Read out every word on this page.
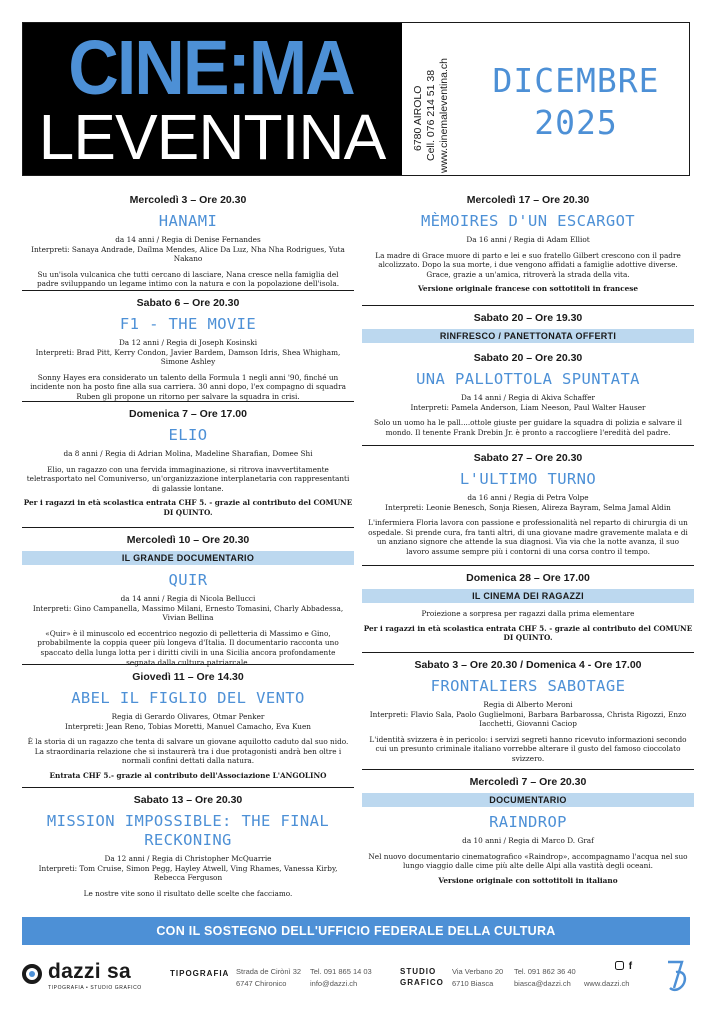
CINE:MA
LEVENTINA	6780 AIROLO Cell. 076 214 51 38 www.cinemaleventina.ch	DICEMBRE
2025
Mercoledì 3 – Ore 20.30
HANAMI
da 14 anni / Regia di Denise Fernandes
Interpreti: Sanaya Andrade, Daílma Mendes, Alice Da Luz, Nha Nha Rodrigues, Yuta Nakano
Su un'isola vulcanica che tutti cercano di lasciare, Nana cresce nella famiglia del padre sviluppando un legame intimo con la natura e con la popolazione dell'isola.
Sabato 6 – Ore 20.30
F1 - THE MOVIE
Da 12 anni / Regia di Joseph Kosinski
Interpreti: Brad Pitt, Kerry Condon, Javier Bardem, Damson Idris, Shea Whigham, Simone Ashley
Sonny Hayes era considerato un talento della Formula 1 negli anni '90, finché un incidente non ha posto fine alla sua carriera. 30 anni dopo, l'ex compagno di squadra Ruben gli propone un ritorno per salvare la squadra in crisi.
Domenica 7 – Ore 17.00
ELIO
da 8 anni / Regia di Adrian Molina, Madeline Sharafian, Domee Shi
Elio, un ragazzo con una fervida immaginazione, si ritrova inavvertitamente teletrasportato nel Comuniverso, un'organizzazione interplanetaria con rappresentanti di galassie lontane.
Per i ragazzi in età scolastica entrata CHF 5. - grazie al contributo del COMUNE DI QUINTO.
Mercoledì 10 – Ore 20.30
IL GRANDE DOCUMENTARIO
QUIR
da 14 anni / Regia di Nicola Bellucci
Interpreti: Gino Campanella, Massimo Milani, Ernesto Tomasini, Charly Abbadessa, Vivian Bellina
«Quir» è il minuscolo ed eccentrico negozio di pelletteria di Massimo e Gino, probabilmente la coppia queer più longeva d'Italia. Il documentario racconta uno spaccato della lunga lotta per i diritti civili in una Sicilia ancora profondamente segnata dalla cultura patriarcale.
Giovedì 11 – Ore 14.30
ABEL IL FIGLIO DEL VENTO
Regia di Gerardo Olivares, Otmar Penker
Interpreti: Jean Reno, Tobias Moretti, Manuel Camacho, Eva Kuen
È la storia di un ragazzo che tenta di salvare un giovane aquilotto caduto dal suo nido. La straordinaria relazione che si instaurerà tra i due protagonisti andrà ben oltre i normali confini dettati dalla natura.
Entrata CHF 5.- grazie al contributo dell'Associazione L'ANGOLINO
Sabato 13 – Ore 20.30
MISSION IMPOSSIBLE: THE FINAL RECKONING
Da 12 anni / Regia di Christopher McQuarrie
Interpreti: Tom Cruise, Simon Pegg, Hayley Atwell, Ving Rhames, Vanessa Kirby, Rebecca Ferguson
Le nostre vite sono il risultato delle scelte che facciamo.
Mercoledì 17 – Ore 20.30
MÈMOIRES D'UN ESCARGOT
Da 16 anni / Regia di Adam Elliot
La madre di Grace muore di parto e lei e suo fratello Gilbert crescono con il padre alcolizzato. Dopo la sua morte, i due vengono affidati a famiglie adottive diverse. Grace, grazie a un'amica, ritroverà la strada della vita.
Versione originale francese con sottotitoli in francese
Sabato 20 – Ore 19.30
RINFRESCO / PANETTONATA OFFERTI
Sabato 20 – Ore 20.30
UNA PALLOTTOLA SPUNTATA
Da 14 anni / Regia di Akiva Schaffer
Interpreti: Pamela Anderson, Liam Neeson, Paul Walter Hauser
Solo un uomo ha le pall....ottole giuste per guidare la squadra di polizia e salvare il mondo. Il tenente Frank Drebin Jr. è pronto a raccogliere l'eredità del padre.
Sabato 27 – Ore 20.30
L'ULTIMO TURNO
da 16 anni / Regia di Petra Volpe
Interpreti: Leonie Benesch, Sonja Riesen, Alireza Bayram, Selma Jamal Aldin
L'infermiera Floria lavora con passione e professionalità nel reparto di chirurgia di un ospedale. Si prende cura, fra tanti altri, di una giovane madre gravemente malata e di un anziano signore che attende la sua diagnosi. Via via che la notte avanza, il suo lavoro assume sempre più i contorni di una corsa contro il tempo.
Domenica 28 – Ore 17.00
IL CINEMA DEI RAGAZZI
Proiezione a sorpresa per ragazzi dalla prima elementare
Per i ragazzi in età scolastica entrata CHF 5. - grazie al contributo del COMUNE DI QUINTO.
Sabato 3 – Ore 20.30 / Domenica 4 - Ore 17.00
FRONTALIERS SABOTAGE
Regia di Alberto Meroni
Interpreti: Flavio Sala, Paolo Guglielmoni, Barbara Barbarossa, Christa Rigozzi, Enzo Iacchetti, Giovanni Caciop
L'identità svizzera è in pericolo: i servizi segreti hanno ricevuto informazioni secondo cui un presunto criminale italiano vorrebbe alterare il gusto del famoso cioccolato svizzero.
Mercoledì 7 – Ore 20.30
DOCUMENTARIO
RAINDROP
da 10 anni / Regia di Marco D. Graf
Nel nuovo documentario cinematografico «Raindrop», accompagnamo l'acqua nel suo lungo viaggio dalle cime più alte delle Alpi alla vastità degli oceani.
Versione originale con sottotitoli in italiano
CON IL SOSTEGNO DELL'UFFICIO FEDERALE DELLA CULTURA
dazzi sa
TIPOGRAFIA • STUDIO GRAFICO
TIPOGRAFIA Strada de Cirònì 32
6747 Chironico
Tel. 091 865 14 03
info@dazzi.ch
STUDIO
GRAFICO
Via Verbano 20
6710 Biasca
Tel. 091 862 36 40
biasca@dazzi.ch
f
www.dazzi.ch
